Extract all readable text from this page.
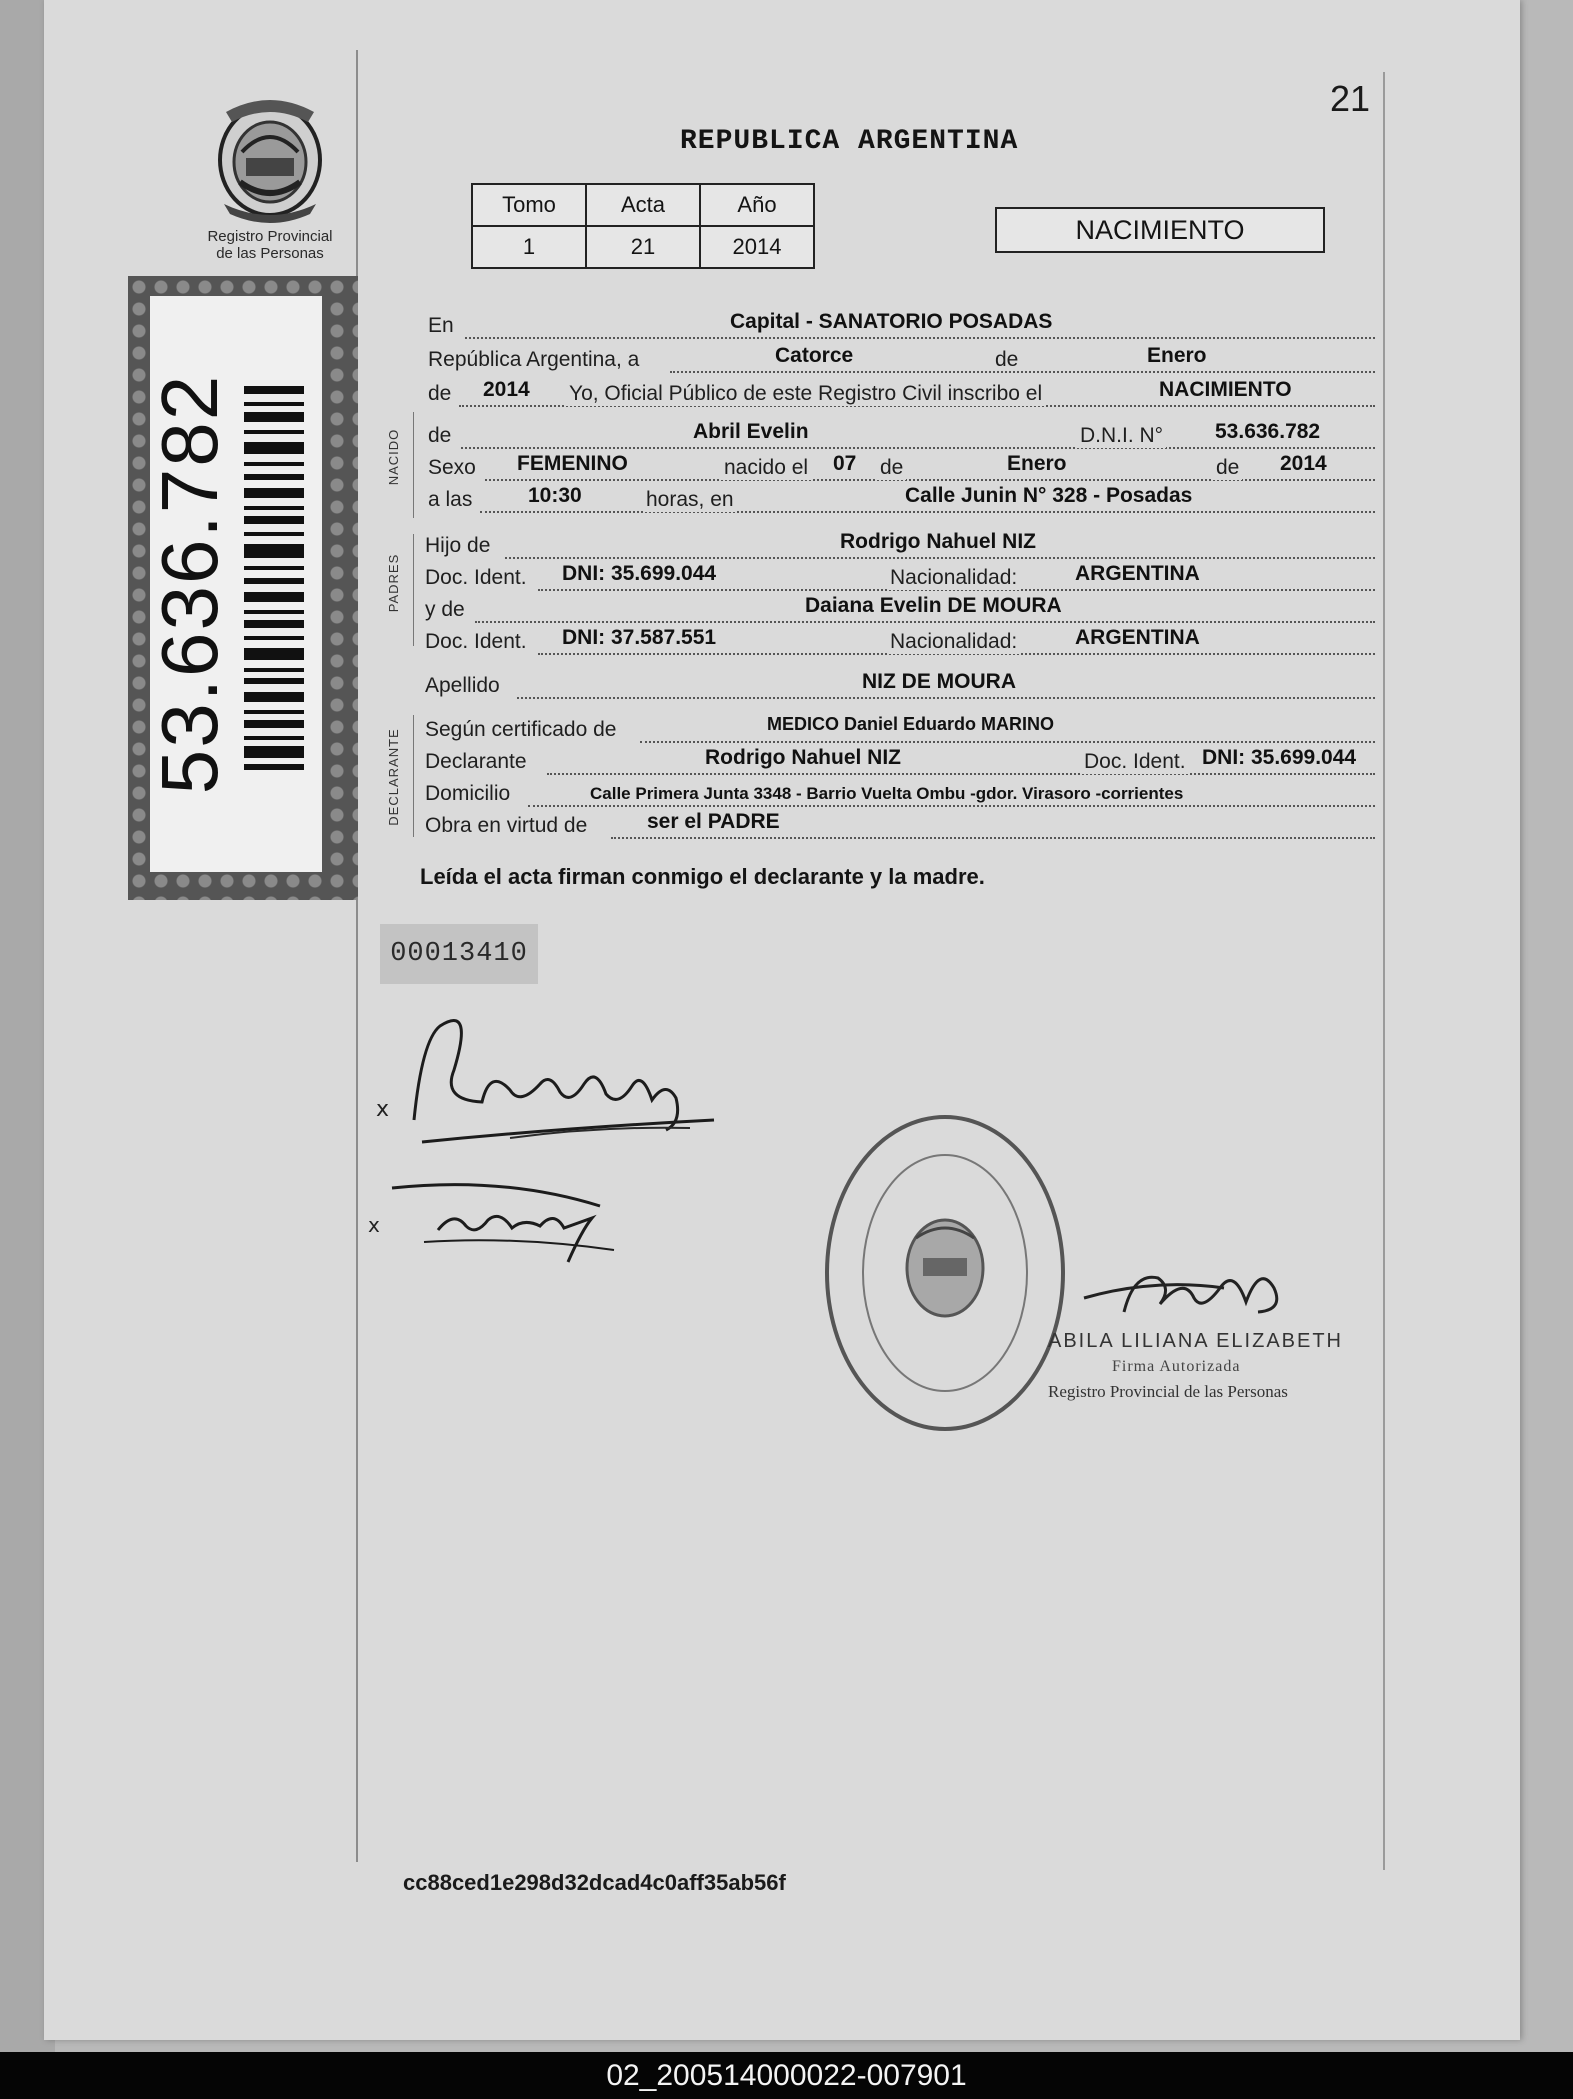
21
Registro Provincial
de las Personas
53.636.782
REPUBLICA ARGENTINA
Tomo	Acta	Año
1	21	2014
NACIMIENTO
NACIDO
PADRES
DECLARANTE
En	Capital - SANATORIO POSADAS
República Argentina, a	Catorce	de	Enero
de 2014 Yo, Oficial Público de este Registro Civil inscribo el	NACIMIENTO
de	Abril Evelin	D.N.I. N° 53.636.782
Sexo FEMENINO	nacido el 07 de	Enero	de 2014
a las	10:30	horas, en	Calle Junin N° 328 - Posadas
Hijo de	Rodrigo Nahuel NIZ
Doc. Ident. DNI: 35.699.044	Nacionalidad:	ARGENTINA
y de	Daiana Evelin DE MOURA
Doc. Ident. DNI: 37.587.551	Nacionalidad:	ARGENTINA
Apellido	NIZ DE MOURA
Según certificado de	MEDICO Daniel Eduardo MARINO
Declarante	Rodrigo Nahuel NIZ	Doc. Ident. DNI: 35.699.044
Domicilio	Calle Primera Junta 3348 - Barrio Vuelta Ombu -gdor. Virasoro -corrientes
Obra en virtud de	ser el PADRE
Leída el acta firman conmigo el declarante y la madre.
00013410
x
x
ABILA LILIANA ELIZABETH
Firma Autorizada
Registro Provincial de las Personas
cc88ced1e298d32dcad4c0aff35ab56f
02_200514000022-007901
